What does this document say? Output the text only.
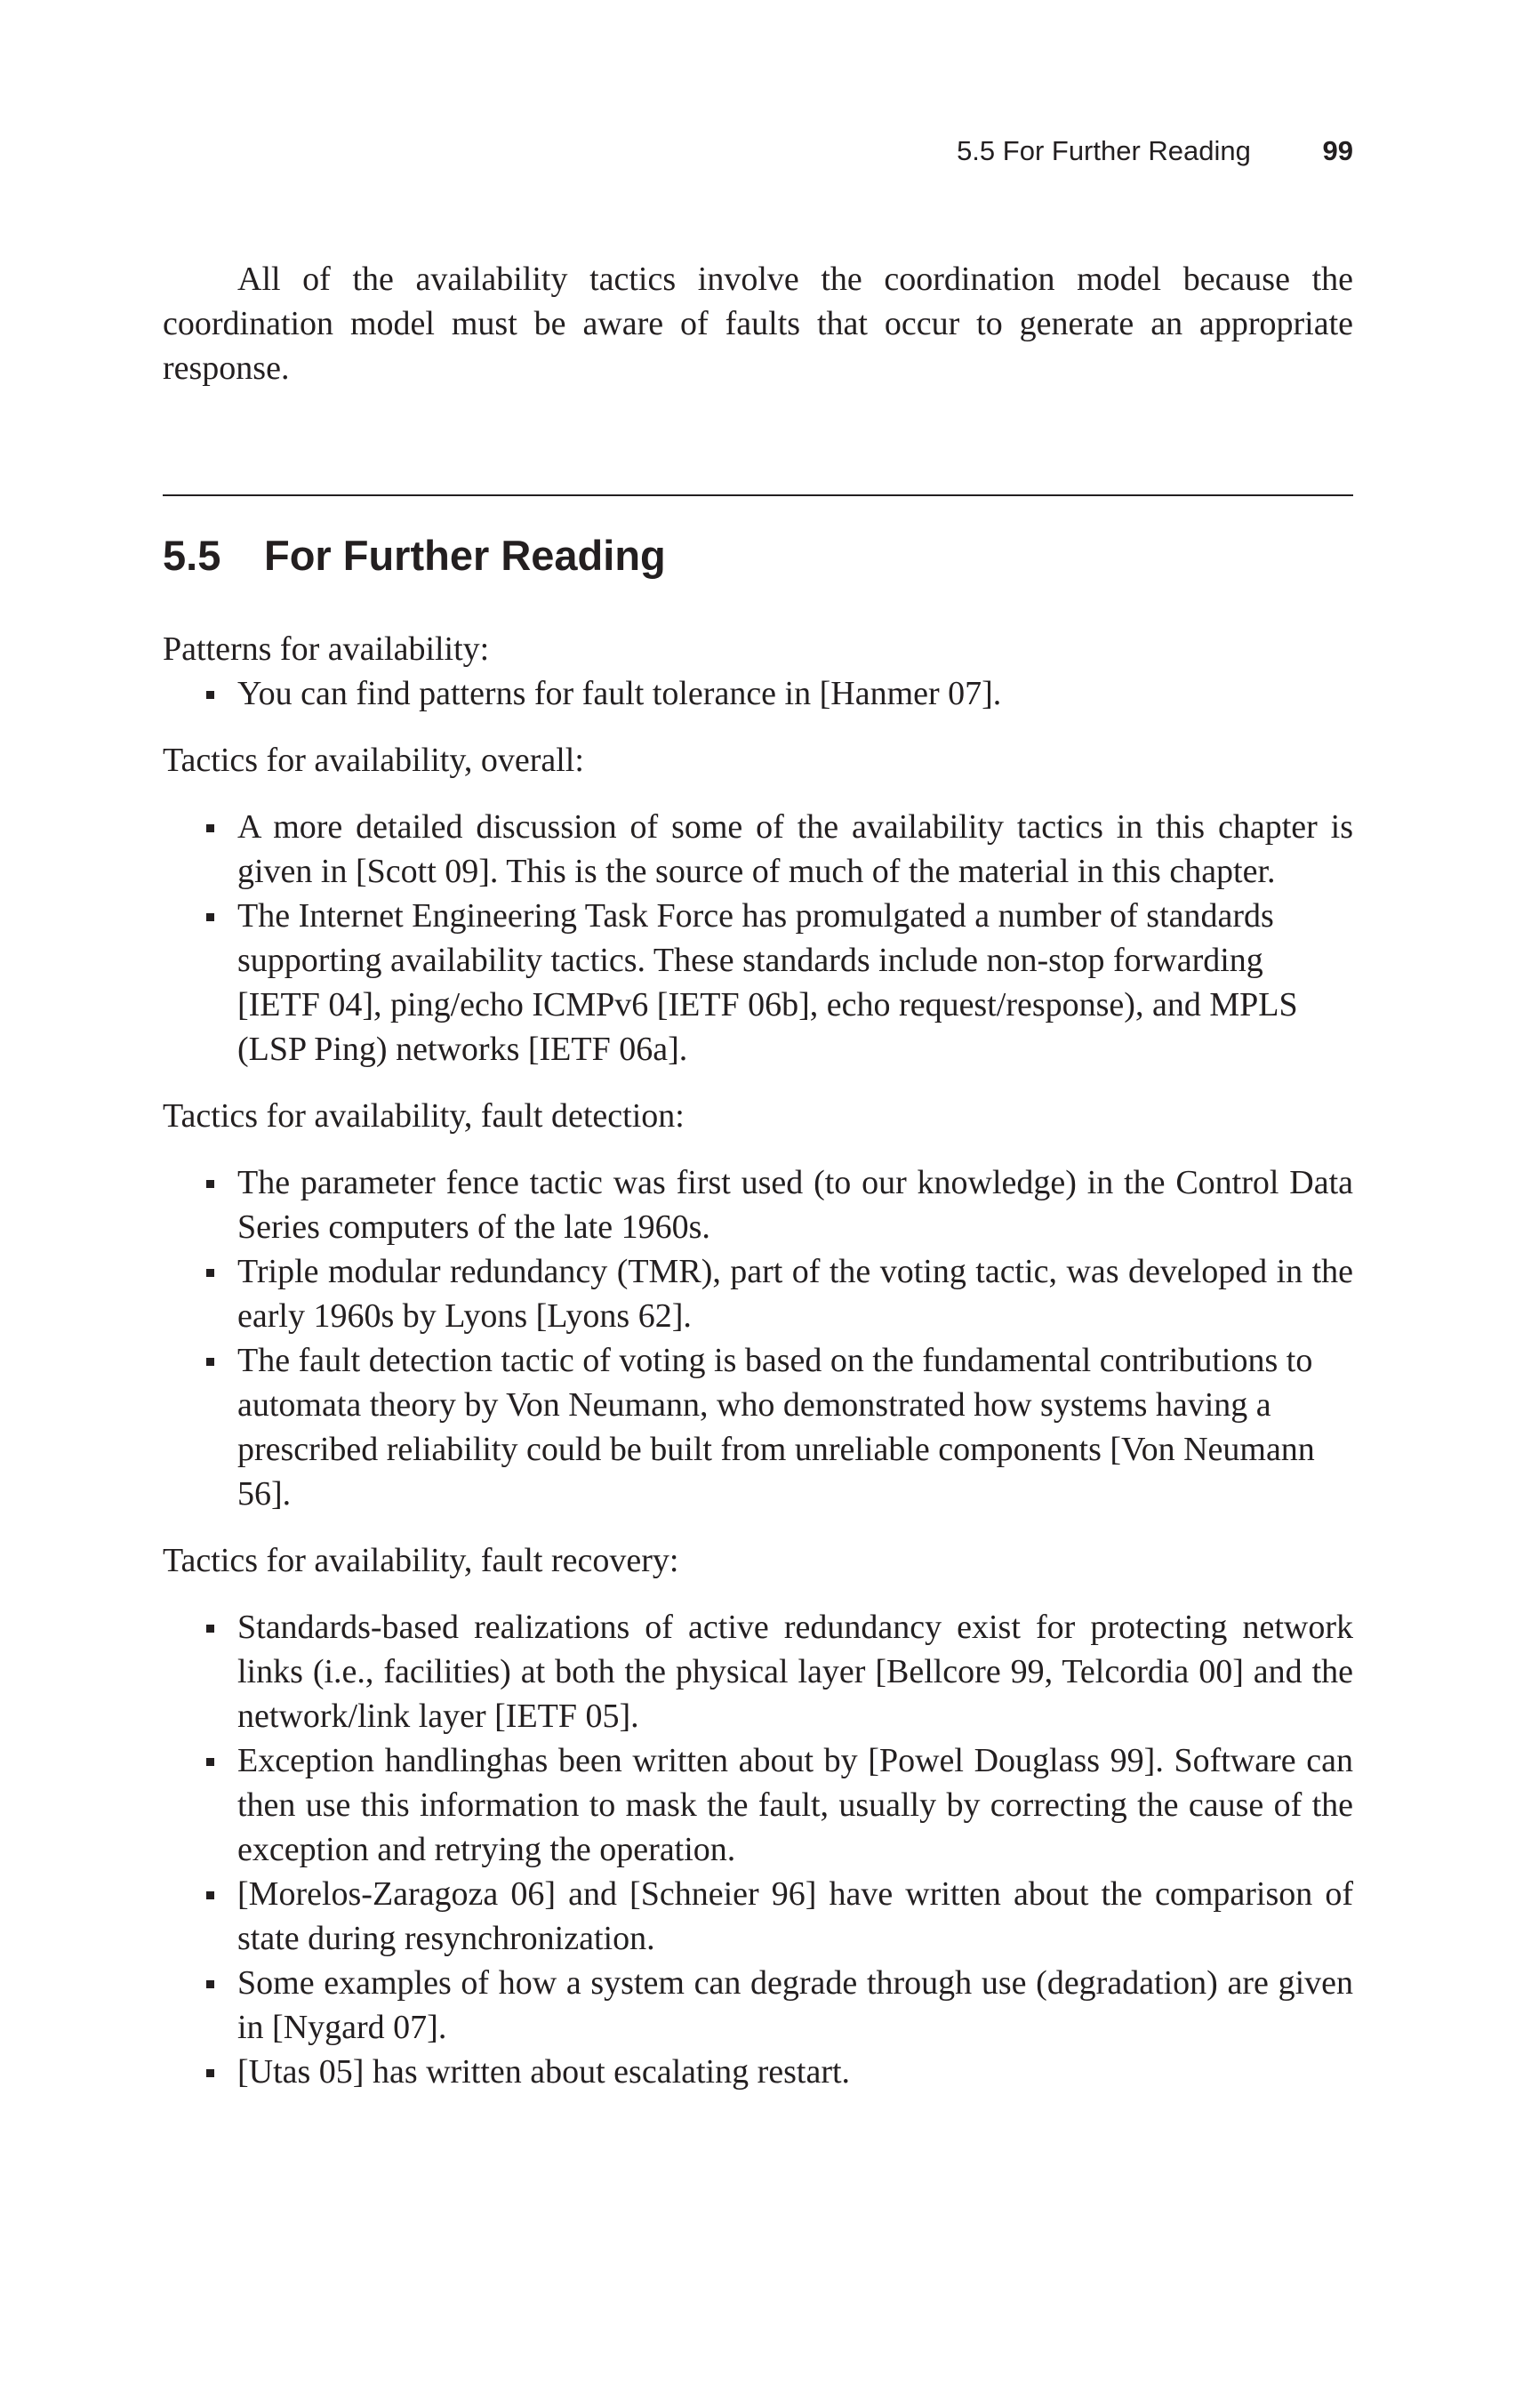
5.5 For Further Reading	99

All of the availability tactics involve the coordination model because the coordination model must be aware of faults that occur to generate an appropriate response.

5.5 For Further Reading

Patterns for availability:

You can find patterns for fault tolerance in [Hanmer 07].

Tactics for availability, overall:

A more detailed discussion of some of the availability tactics in this chapter is given in [Scott 09]. This is the source of much of the material in this chapter.
The Internet Engineering Task Force has promulgated a number of standards supporting availability tactics. These standards include non-stop forwarding [IETF 04], ping/echo ICMPv6 [IETF 06b], echo request/response), and MPLS (LSP Ping) networks [IETF 06a].

Tactics for availability, fault detection:

The parameter fence tactic was first used (to our knowledge) in the Control Data Series computers of the late 1960s.
Triple modular redundancy (TMR), part of the voting tactic, was developed in the early 1960s by Lyons [Lyons 62].
The fault detection tactic of voting is based on the fundamental contributions to automata theory by Von Neumann, who demonstrated how systems having a prescribed reliability could be built from unreliable components [Von Neumann 56].

Tactics for availability, fault recovery:

Standards-based realizations of active redundancy exist for protecting network links (i.e., facilities) at both the physical layer [Bellcore 99, Telcordia 00] and the network/link layer [IETF 05].
Exception handlinghas been written about by [Powel Douglass 99]. Software can then use this information to mask the fault, usually by correcting the cause of the exception and retrying the operation.
[Morelos-Zaragoza 06] and [Schneier 96] have written about the comparison of state during resynchronization.
Some examples of how a system can degrade through use (degradation) are given in [Nygard 07].
[Utas 05] has written about escalating restart.
